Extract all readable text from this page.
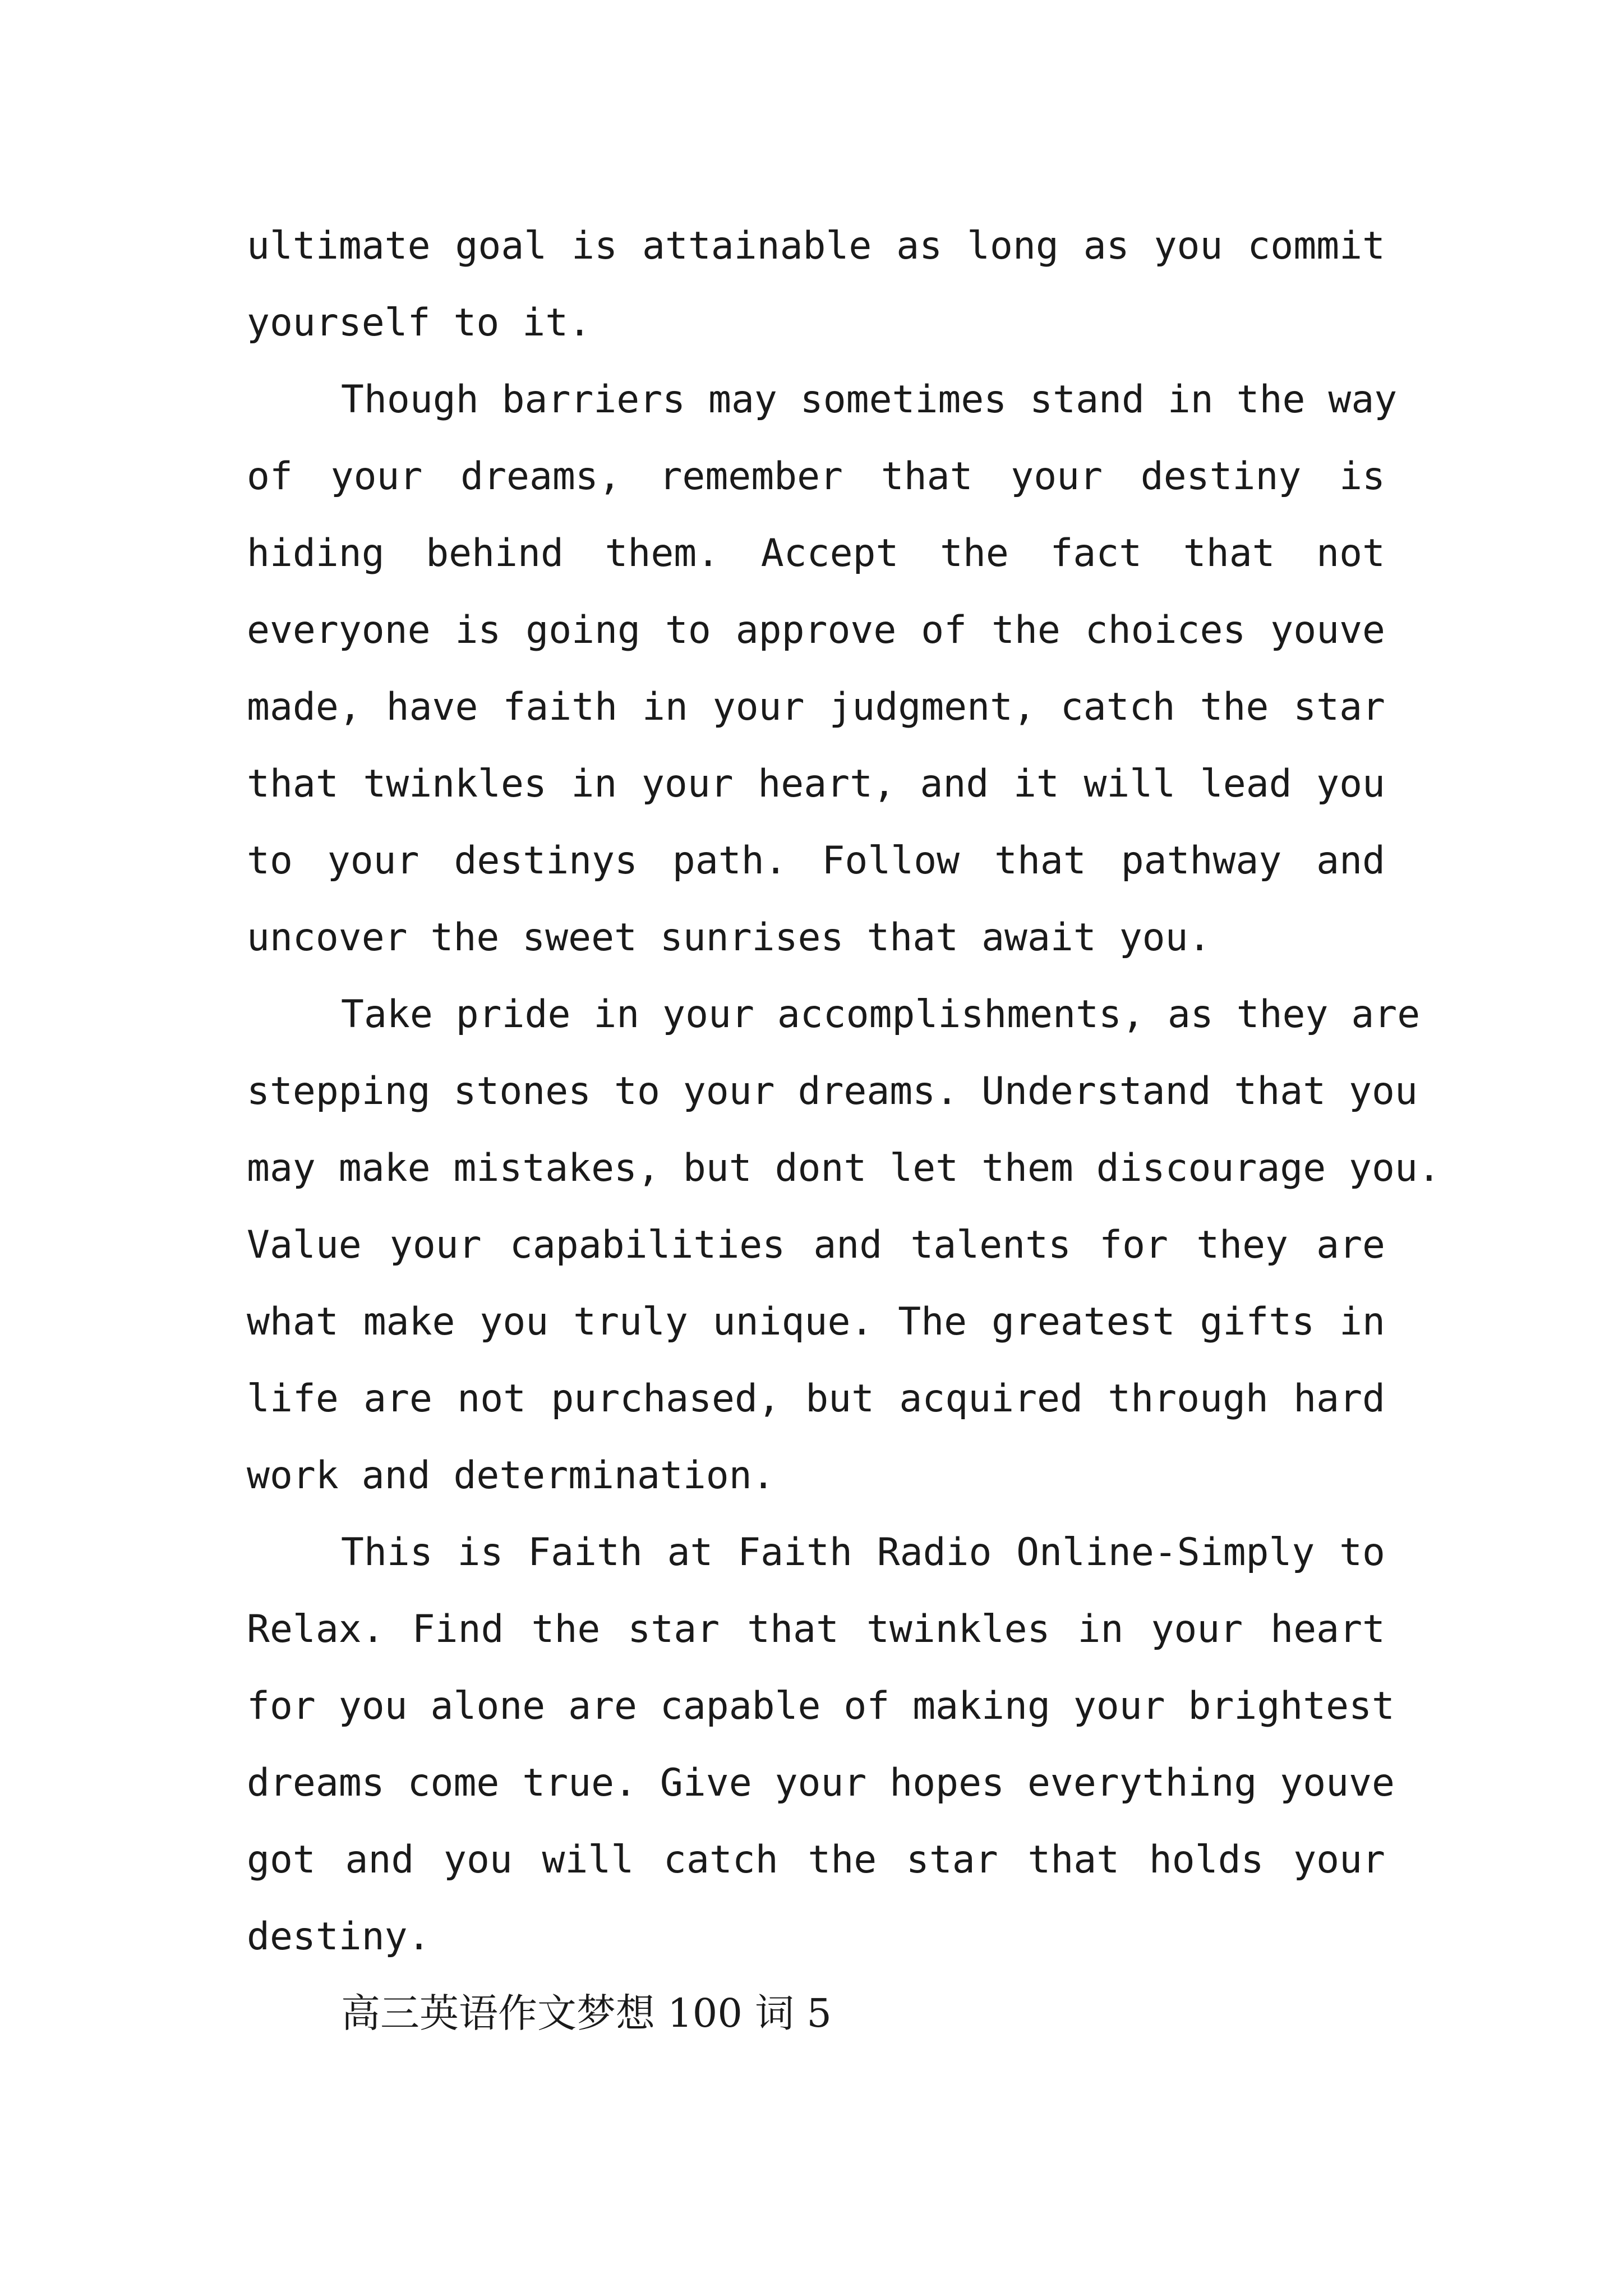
ultimate goal is attainable as long as you commit
yourself to it.
Though barriers may sometimes stand in the way
of your dreams, remember that your destiny is
hiding behind them. Accept the fact that not
everyone is going to approve of the choices youve
made, have faith in your judgment, catch the star
that twinkles in your heart, and it will lead you
to your destinys path. Follow that pathway and
uncover the sweet sunrises that await you.
Take pride in your accomplishments, as they are
stepping stones to your dreams. Understand that you
may make mistakes, but dont let them discourage you.
Value your capabilities and talents for they are
what make you truly unique. The greatest gifts in
life are not purchased, but acquired through hard
work and determination.
This is Faith at Faith Radio Online-Simply to
Relax. Find the star that twinkles in your heart
for you alone are capable of making your brightest
dreams come true. Give your hopes everything youve
got and you will catch the star that holds your
destiny.
高三英语作文梦想 100 词 5
